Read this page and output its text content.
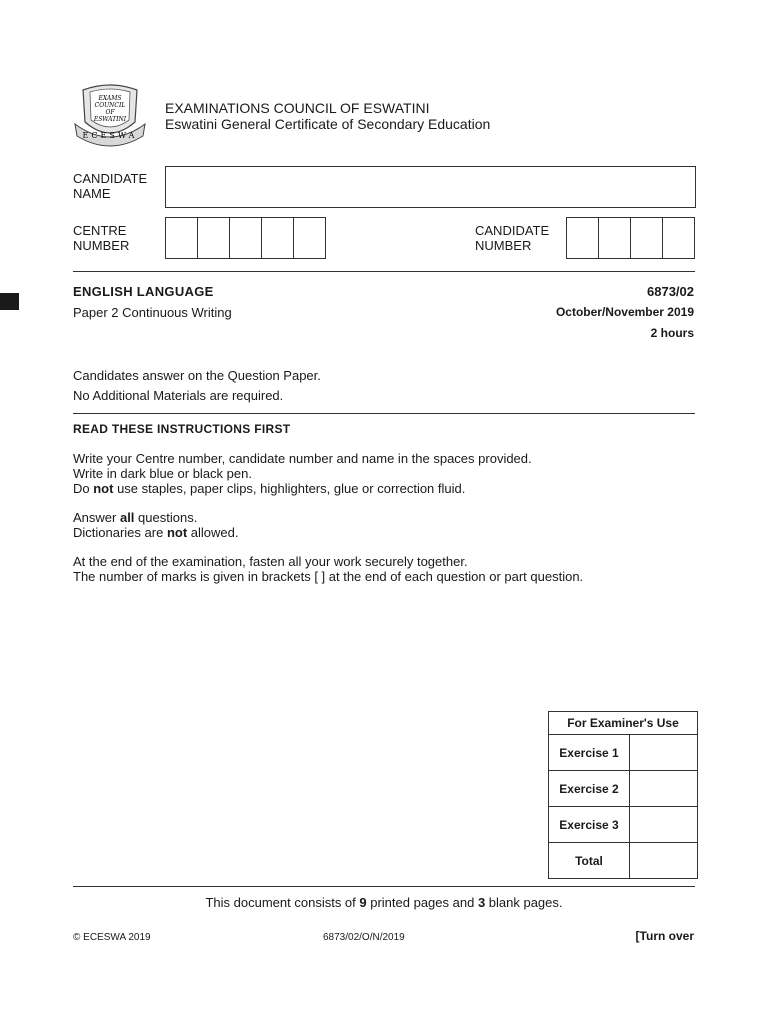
EXAMS
COUNCIL
OF
ESWATINI
ECESWA
EXAMINATIONS COUNCIL OF ESWATINI
Eswatini General Certificate of Secondary Education
CANDIDATE
NAME
CENTRE
NUMBER
CANDIDATE
NUMBER
ENGLISH LANGUAGE	6873/02
Paper 2 Continuous Writing	October/November 2019
2 hours
Candidates answer on the Question Paper.
No Additional Materials are required.
READ THESE INSTRUCTIONS FIRST
Write your Centre number, candidate number and name in the spaces provided.
Write in dark blue or black pen.
Do not use staples, paper clips, highlighters, glue or correction fluid.
Answer all questions.
Dictionaries are not allowed.
At the end of the examination, fasten all your work securely together.
The number of marks is given in brackets [ ] at the end of each question or part question.
For Examiner's Use	
Exercise 1	
Exercise 2	
Exercise 3	
Total	
This document consists of 9 printed pages and 3 blank pages.
© ECESWA 2019	6873/02/O/N/2019	[Turn over
